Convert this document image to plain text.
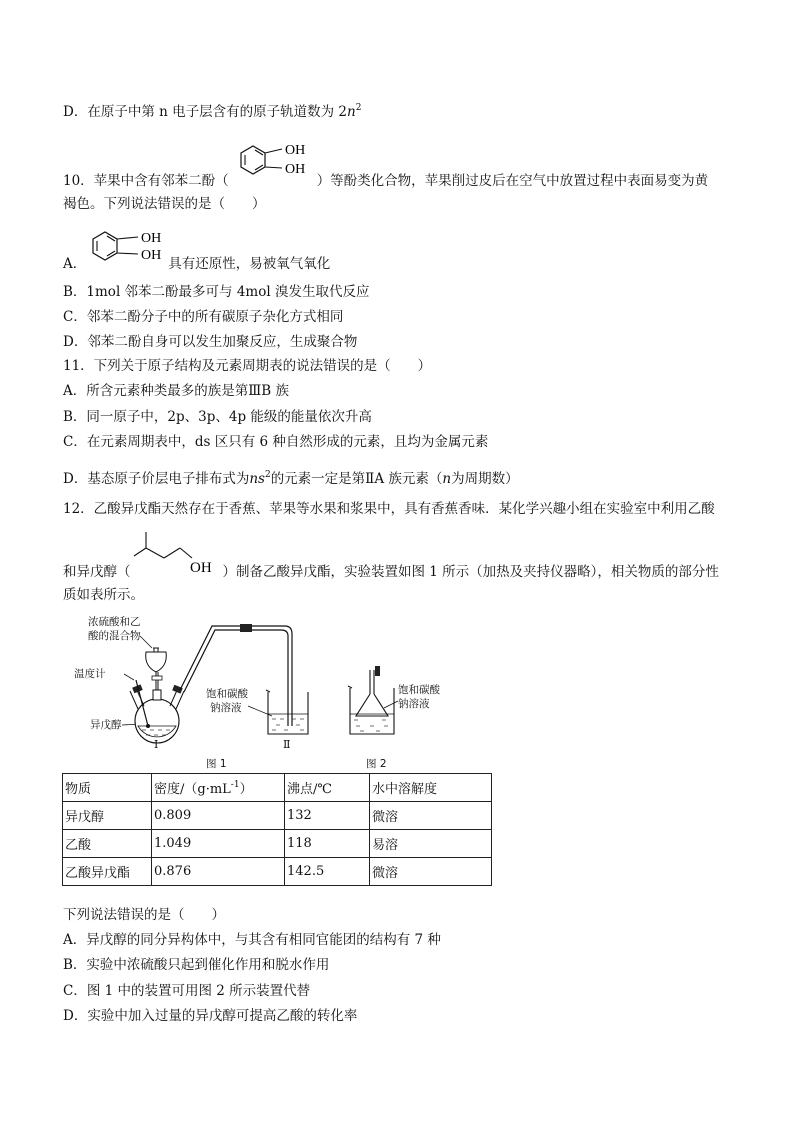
D．在原子中第 n 电子层含有的原子轨道数为 $2n^2$
OH
OH
10．苹果中含有邻苯二酚（	）等酚类化合物，苹果削过皮后在空气中放置过程中表面易变为黄
褐色。下列说法错误的是（　　）
OH
OH
A．	具有还原性，易被氧气氧化
B．1mol 邻苯二酚最多可与 4mol 溴发生取代反应
C．邻苯二酚分子中的所有碳原子杂化方式相同
D．邻苯二酚自身可以发生加聚反应，生成聚合物
11．下列关于原子结构及元素周期表的说法错误的是（　　）
A．所含元素种类最多的族是第ⅢB 族
B．同一原子中，2p、3p、4p 能级的能量依次升高
C．在元素周期表中，ds 区只有 6 种自然形成的元素，且均为金属元素
D．基态原子价层电子排布式为$ns^2$的元素一定是第ⅡA 族元素（n为周期数）
12．乙酸异戊酯天然存在于香蕉、苹果等水果和浆果中，具有香蕉香味．某化学兴趣小组在实验室中利用乙酸
OH
和异戊醇（	）制备乙酸异戊酯，实验装置如图 1 所示（加热及夹持仪器略），相关物质的部分性
质如表所示。
浓硫酸和乙
酸的混合物
温度计
异戊醇
饱和碳酸
钠溶液
饱和碳酸
钠溶液
Ⅰ	Ⅱ
图 1	图 2
物质	密度$/(g\cdot mL^{-1})$	沸点/℃	水中溶解度
异戊醇	0.809	132	微溶
乙酸	1.049	118	易溶
乙酸异戊酯	0.876	142.5	微溶
下列说法错误的是（　　）
A．异戊醇的同分异构体中，与其含有相同官能团的结构有 7 种
B．实验中浓硫酸只起到催化作用和脱水作用
C．图 1 中的装置可用图 2 所示装置代替
D．实验中加入过量的异戊醇可提高乙酸的转化率
